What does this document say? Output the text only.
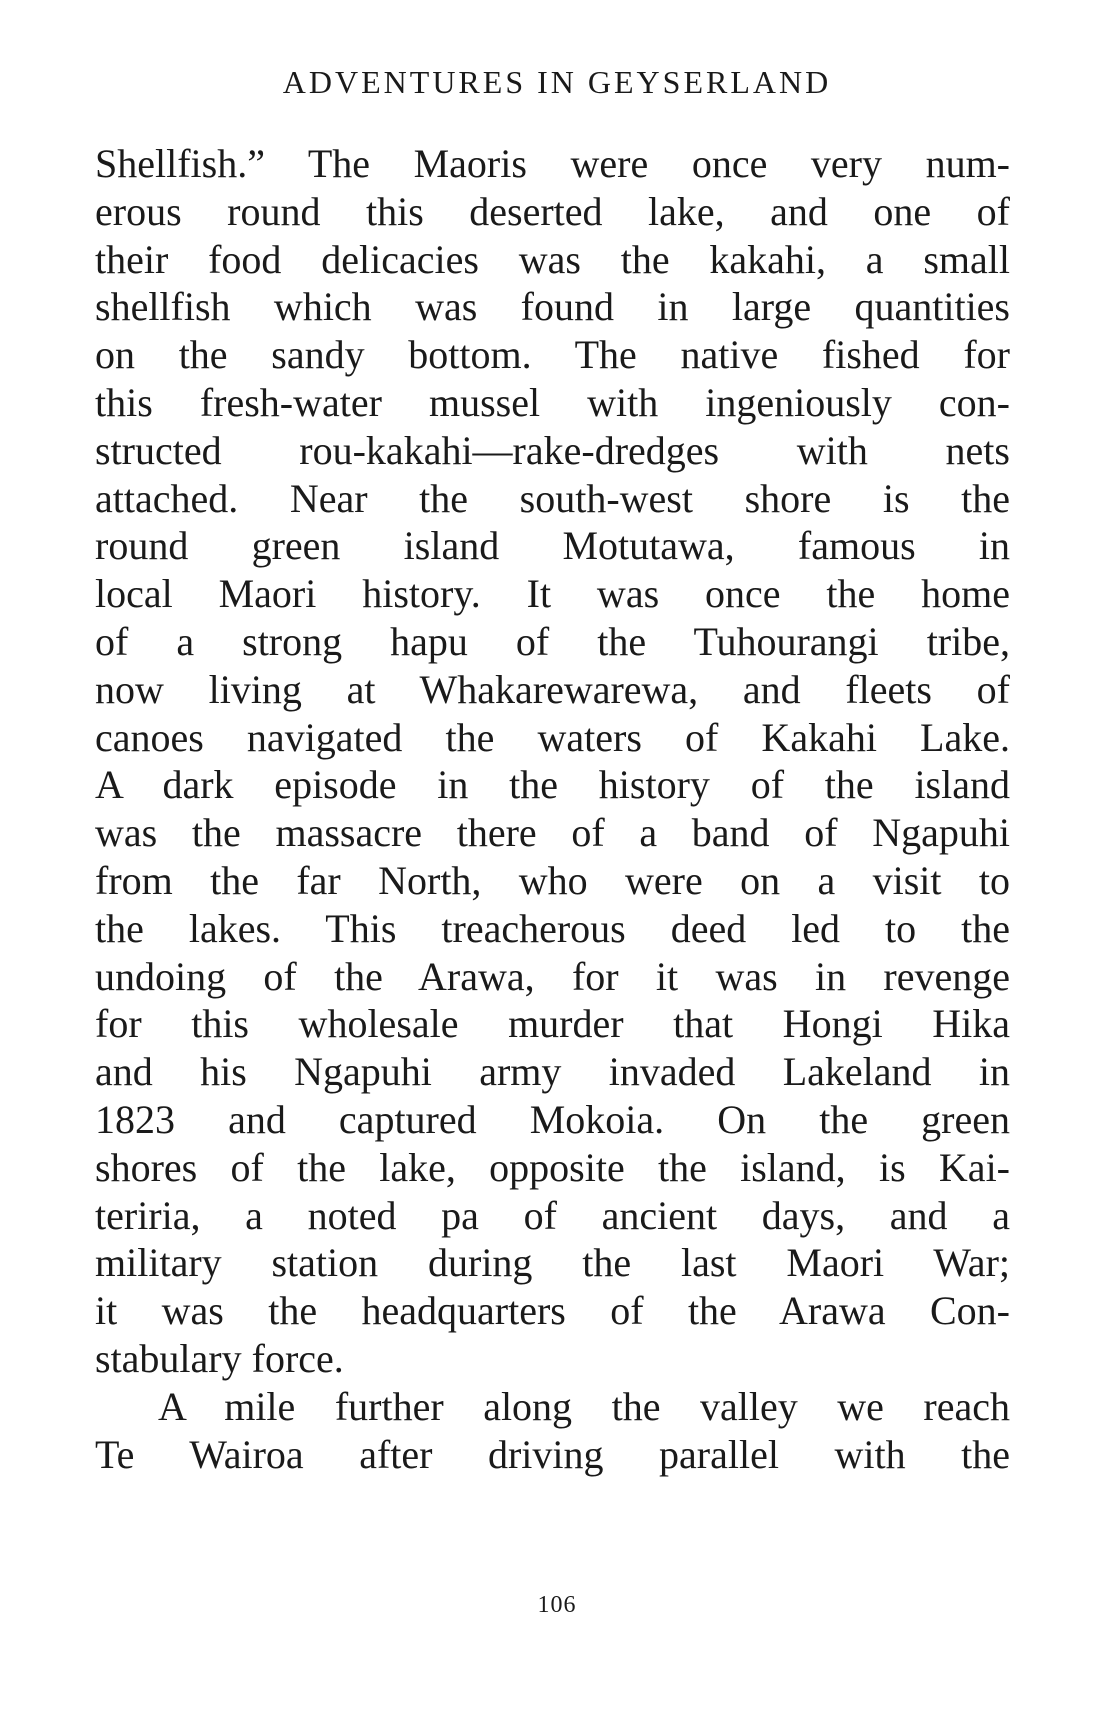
ADVENTURES IN GEYSERLAND
Shellfish.” The Maoris were once very num-
erous round this deserted lake, and one of
their food delicacies was the kakahi, a small
shellfish which was found in large quantities
on the sandy bottom. The native fished for
this fresh-water mussel with ingeniously con-
structed rou-kakahi—rake-dredges with nets
attached. Near the south-west shore is the
round green island Motutawa, famous in
local Maori history. It was once the home
of a strong hapu of the Tuhourangi tribe,
now living at Whakarewarewa, and fleets of
canoes navigated the waters of Kakahi Lake.
A dark episode in the history of the island
was the massacre there of a band of Ngapuhi
from the far North, who were on a visit to
the lakes. This treacherous deed led to the
undoing of the Arawa, for it was in revenge
for this wholesale murder that Hongi Hika
and his Ngapuhi army invaded Lakeland in
1823 and captured Mokoia. On the green
shores of the lake, opposite the island, is Kai-
teriria, a noted pa of ancient days, and a
military station during the last Maori War;
it was the headquarters of the Arawa Con-
stabulary force.
A mile further along the valley we reach
Te Wairoa after driving parallel with the
106
